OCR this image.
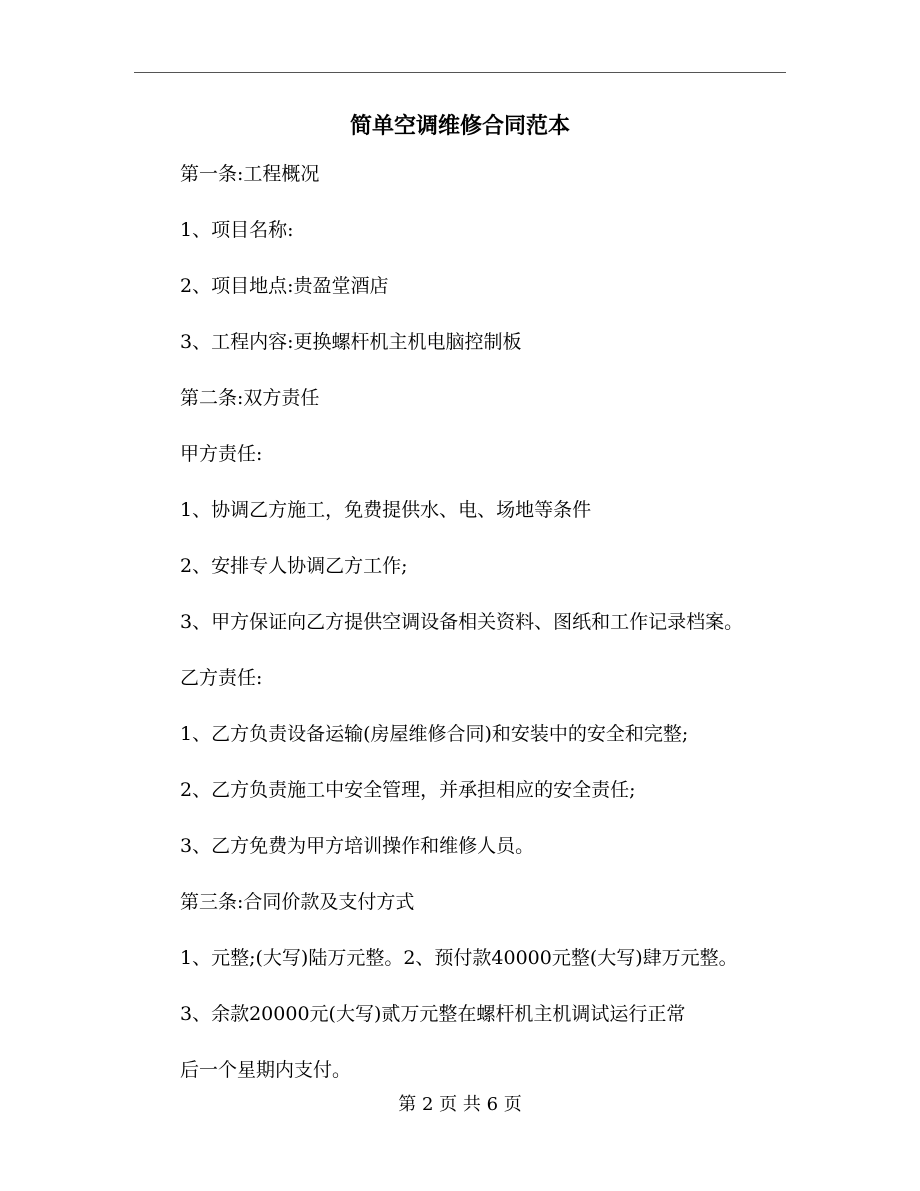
简单空调维修合同范本
第一条:工程概况
1、项目名称:
2、项目地点:贵盈堂酒店
3、工程内容:更换螺杆机主机电脑控制板
第二条:双方责任
甲方责任:
1、协调乙方施工，免费提供水、电、场地等条件
2、安排专人协调乙方工作;
3、甲方保证向乙方提供空调设备相关资料、图纸和工作记录档案。
乙方责任:
1、乙方负责设备运输(房屋维修合同)和安装中的安全和完整;
2、乙方负责施工中安全管理，并承担相应的安全责任;
3、乙方免费为甲方培训操作和维修人员。
第三条:合同价款及支付方式
1、元整;(大写)陆万元整。2、预付款40000元整(大写)肆万元整。
3、余款20000元(大写)贰万元整在螺杆机主机调试运行正常
后一个星期内支付。
第 2 页 共 6 页
